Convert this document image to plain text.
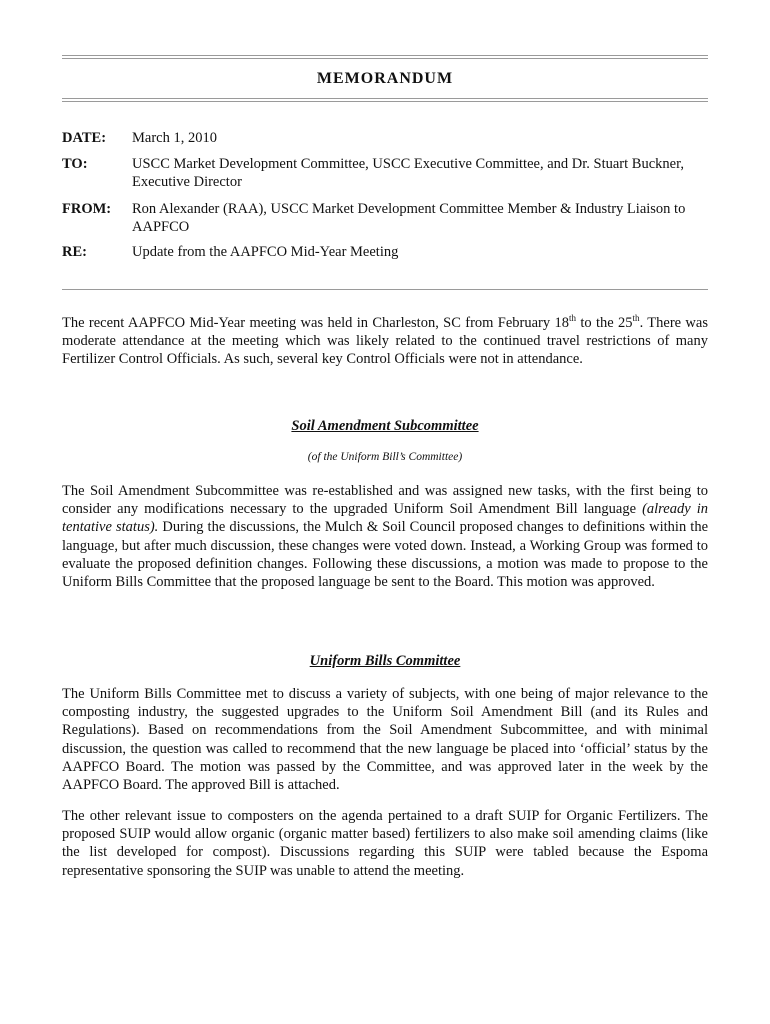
MEMORANDUM
DATE: March 1, 2010
TO:	USCC Market Development Committee, USCC Executive Committee, and Dr. Stuart Buckner, Executive Director
FROM: Ron Alexander (RAA), USCC Market Development Committee Member & Industry Liaison to AAPFCO
RE:	Update from the AAPFCO Mid-Year Meeting

The recent AAPFCO Mid-Year meeting was held in Charleston, SC from February 18th to the 25th. There was moderate attendance at the meeting which was likely related to the continued travel restrictions of many Fertilizer Control Officials. As such, several key Control Officials were not in attendance.

Soil Amendment Subcommittee
(of the Uniform Bill’s Committee)

The Soil Amendment Subcommittee was re-established and was assigned new tasks, with the first being to consider any modifications necessary to the upgraded Uniform Soil Amendment Bill language (already in tentative status). During the discussions, the Mulch & Soil Council proposed changes to definitions within the language, but after much discussion, these changes were voted down. Instead, a Working Group was formed to evaluate the proposed definition changes. Following these discussions, a motion was made to propose to the Uniform Bills Committee that the proposed language be sent to the Board. This motion was approved.

Uniform Bills Committee

The Uniform Bills Committee met to discuss a variety of subjects, with one being of major relevance to the composting industry, the suggested upgrades to the Uniform Soil Amendment Bill (and its Rules and Regulations). Based on recommendations from the Soil Amendment Subcommittee, and with minimal discussion, the question was called to recommend that the new language be placed into ‘official’ status by the AAPFCO Board. The motion was passed by the Committee, and was approved later in the week by the AAPFCO Board. The approved Bill is attached.

The other relevant issue to composters on the agenda pertained to a draft SUIP for Organic Fertilizers. The proposed SUIP would allow organic (organic matter based) fertilizers to also make soil amending claims (like the list developed for compost). Discussions regarding this SUIP were tabled because the Espoma representative sponsoring the SUIP was unable to attend the meeting.
